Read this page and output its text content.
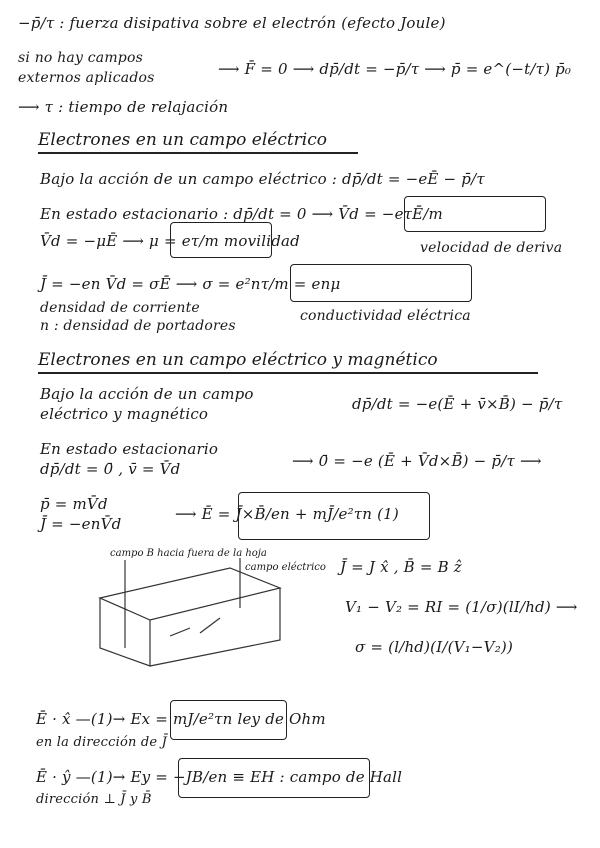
−p̄/τ : fuerza disipativa sobre el electrón (efecto Joule)
si no hay campos
externos aplicados	⟶ F̄ = 0 ⟶ dp̄/dt = −p̄/τ ⟶ p̄ = e^(−t/τ) p̄₀
⟶ τ : tiempo de relajación
Electrones en un campo eléctrico
Bajo la acción de un campo eléctrico : dp̄/dt = −eĒ − p̄/τ
En estado estacionario : dp̄/dt = 0 ⟶ V̄d = −eτĒ/m
V̄d = −μĒ ⟶ μ = eτ/m movilidad	velocidad de deriva
J̄ = −en V̄d = σĒ ⟶ σ = e²nτ/m = enμ
densidad de corriente	conductividad eléctrica
n : densidad de portadores
Electrones en un campo eléctrico y magnético
Bajo la acción de un campo
eléctrico y magnético
dp̄/dt = −e(Ē + v̄×B̄) − p̄/τ
En estado estacionario
dp̄/dt = 0̄ , v̄ = V̄d	⟶ 0̄ = −e (Ē + V̄d×B̄) − p̄/τ ⟶
p̄ = mV̄d
J̄ = −enV̄d
⟶ Ē = J̄×B̄/en + mJ̄/e²τn (1)
campo B hacia fuera de la hoja
campo eléctrico J̄ = J x̂ , B̄ = B ẑ
V₁ − V₂ = RI = (1/σ)(lI/hd) ⟶
σ = (l/hd)(I/(V₁−V₂))
Ē · x̂ —(1)→ Ex = mJ/e²τn ley de Ohm
en la dirección de J̄
Ē · ŷ —(1)→ Ey = −JB/en ≡ EH : campo de Hall
dirección ⊥ J̄ y B̄
